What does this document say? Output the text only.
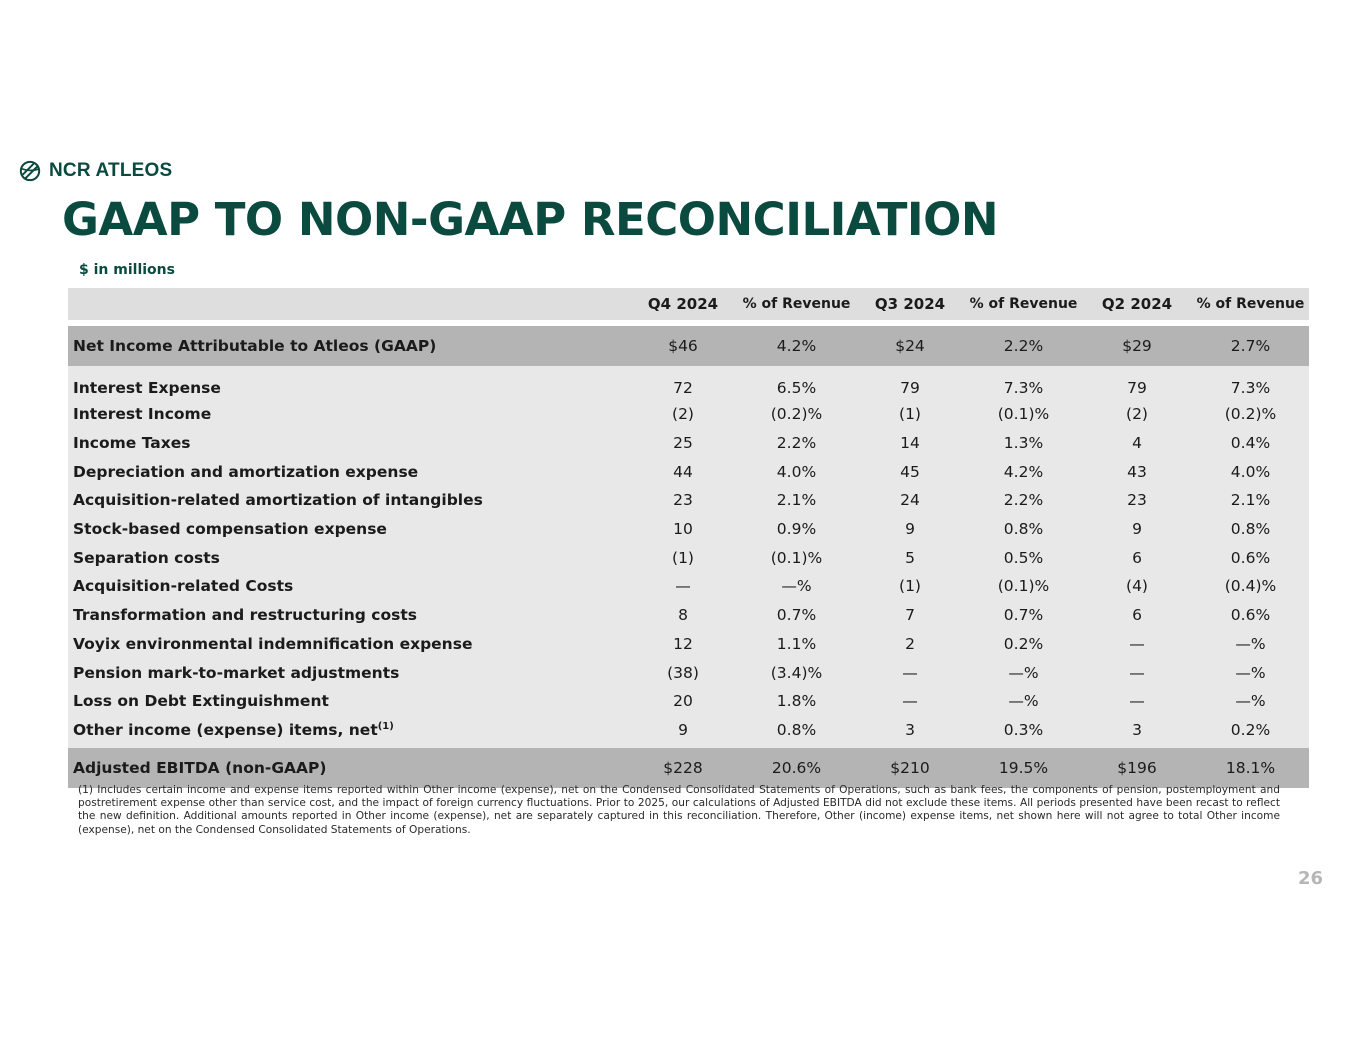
NCR ATLEOS
GAAP TO NON-GAAP RECONCILIATION
$ in millions
	Q4 2024	% of Revenue	Q3 2024	% of Revenue	Q2 2024	% of Revenue

Net Income Attributable to Atleos (GAAP)	$46	4.2%	$24	2.2%	$29	2.7%
Interest Expense	72	6.5%	79	7.3%	79	7.3%
Interest Income	(2)	(0.2)%	(1)	(0.1)%	(2)	(0.2)%
Income Taxes	25	2.2%	14	1.3%	4	0.4%
Depreciation and amortization expense	44	4.0%	45	4.2%	43	4.0%
Acquisition-related amortization of intangibles	23	2.1%	24	2.2%	23	2.1%
Stock-based compensation expense	10	0.9%	9	0.8%	9	0.8%
Separation costs	(1)	(0.1)%	5	0.5%	6	0.6%
Acquisition-related Costs	—	—%	(1)	(0.1)%	(4)	(0.4)%
Transformation and restructuring costs	8	0.7%	7	0.7%	6	0.6%
Voyix environmental indemnification expense	12	1.1%	2	0.2%	—	—%
Pension mark-to-market adjustments	(38)	(3.4)%	—	—%	—	—%
Loss on Debt Extinguishment	20	1.8%	—	—%	—	—%
Other income (expense) items, net$^{(1)}$	9	0.8%	3	0.3%	3	0.2%
Adjusted EBITDA (non-GAAP)	$228	20.6%	$210	19.5%	$196	18.1%

(1) Includes certain income and expense items reported within Other income (expense), net on the Condensed Consolidated Statements of Operations, such as bank fees, the components of pension, postemployment and postretirement expense other than service cost, and the impact of foreign currency fluctuations. Prior to 2025, our calculations of Adjusted EBITDA did not exclude these items. All periods presented have been recast to reflect the new definition. Additional amounts reported in Other income (expense), net are separately captured in this reconciliation. Therefore, Other (income) expense items, net shown here will not agree to total Other income (expense), net on the Condensed Consolidated Statements of Operations.

26
